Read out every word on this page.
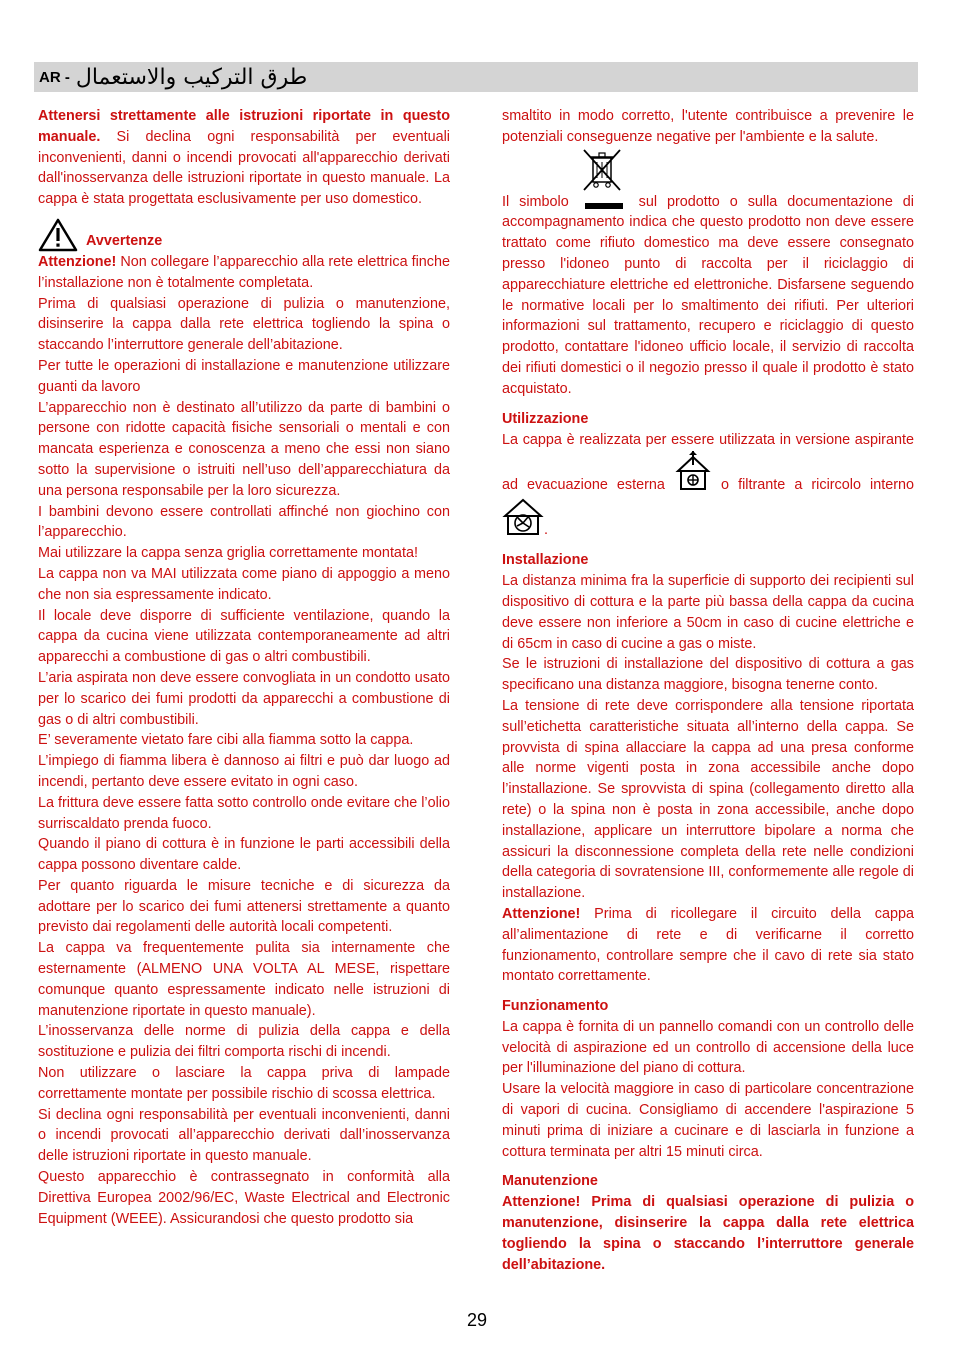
AR - طرق التركيب والاستعمال

Attenersi strettamente alle istruzioni riportate in questo manuale. Si declina ogni responsabilità per eventuali inconvenienti, danni o incendi provocati all'apparecchio derivati dall'inosservanza delle istruzioni riportate in questo manuale. La cappa è stata progettata esclusivamente per uso domestico.

Avvertenze

Attenzione! Non collegare l’apparecchio alla rete elettrica finche l’installazione non è totalmente completata.

Prima di qualsiasi operazione di pulizia o manutenzione, disinserire la cappa dalla rete elettrica togliendo la spina o staccando l’interruttore generale dell’abitazione.

Per tutte le operazioni di installazione e manutenzione utilizzare guanti da lavoro

L’apparecchio non è destinato all’utilizzo da parte di bambini o persone con ridotte capacità fisiche sensoriali o mentali e con mancata esperienza e conoscenza a meno che essi non siano sotto la supervisione o istruiti nell’uso dell’apparecchiatura da una persona responsabile per la loro sicurezza.

I bambini devono essere controllati affinché non giochino con l’apparecchio.

Mai utilizzare la cappa senza griglia correttamente montata!

La cappa non va MAI utilizzata come piano di appoggio a meno che non sia espressamente indicato.

Il locale deve disporre di sufficiente ventilazione, quando la cappa da cucina viene utilizzata contemporaneamente ad altri apparecchi a combustione di gas o altri combustibili.

L’aria aspirata non deve essere convogliata in un condotto usato per lo scarico dei fumi prodotti da apparecchi a combustione di gas o di altri combustibili.

E’ severamente vietato fare cibi alla fiamma sotto la cappa.

L’impiego di fiamma libera è dannoso ai filtri e può dar luogo ad incendi, pertanto deve essere evitato in ogni caso.

La frittura deve essere fatta sotto controllo onde evitare che l’olio surriscaldato prenda fuoco.

Quando il piano di cottura è in funzione le parti accessibili della cappa possono diventare calde.

Per quanto riguarda le misure tecniche e di sicurezza da adottare per lo scarico dei fumi attenersi strettamente a quanto previsto dai regolamenti delle autorità locali competenti.

La cappa va frequentemente pulita sia internamente che esternamente (ALMENO UNA VOLTA AL MESE, rispettare comunque quanto espressamente indicato nelle istruzioni di manutenzione riportate in questo manuale).

L’inosservanza delle norme di pulizia della cappa e della sostituzione e pulizia dei filtri comporta rischi di incendi.

Non utilizzare o lasciare la cappa priva di lampade correttamente montate per possibile rischio di scossa elettrica.

Si declina ogni responsabilità per eventuali inconvenienti, danni o incendi provocati all’apparecchio derivati dall’inosservanza delle istruzioni riportate in questo manuale.

Questo apparecchio è contrassegnato in conformità alla Direttiva Europea 2002/96/EC, Waste Electrical and Electronic Equipment (WEEE). Assicurandosi che questo prodotto sia

smaltito in modo corretto, l'utente contribuisce a prevenire le potenziali conseguenze negative per l'ambiente e la salute.

Il simbolo	sul prodotto o sulla documentazione di accompagnamento indica che questo prodotto non deve essere trattato come rifiuto domestico ma deve essere consegnato presso l'idoneo punto di raccolta per il riciclaggio di apparecchiature elettriche ed elettroniche. Disfarsene seguendo le normative locali per lo smaltimento dei rifiuti. Per ulteriori informazioni sul trattamento, recupero e riciclaggio di questo prodotto, contattare l'idoneo ufficio locale, il servizio di raccolta dei rifiuti domestici o il negozio presso il quale il prodotto è stato acquistato.

Utilizzazione

La cappa è realizzata per essere utilizzata in versione aspirante ad evacuazione esterna	o filtrante a ricircolo interno .

Installazione

La distanza minima fra la superficie di supporto dei recipienti sul dispositivo di cottura e la parte più bassa della cappa da cucina deve essere non inferiore a 50cm in caso di cucine elettriche e di 65cm in caso di cucine a gas o miste.

Se le istruzioni di installazione del dispositivo di cottura a gas specificano una distanza maggiore, bisogna tenerne conto.

La tensione di rete deve corrispondere alla tensione riportata sull’etichetta caratteristiche situata all’interno della cappa. Se provvista di spina allacciare la cappa ad una presa conforme alle norme vigenti posta in zona accessibile anche dopo l’installazione. Se sprovvista di spina (collegamento diretto alla rete) o la spina non è posta in zona accessibile, anche dopo installazione, applicare un interruttore bipolare a norma che assicuri la disconnessione completa della rete nelle condizioni della categoria di sovratensione III, conformemente alle regole di installazione.

Attenzione! Prima di ricollegare il circuito della cappa all’alimentazione di rete e di verificarne il corretto funzionamento, controllare sempre che il cavo di rete sia stato montato correttamente.

Funzionamento

La cappa è fornita di un pannello comandi con un controllo delle velocità di aspirazione ed un controllo di accensione della luce per l'illuminazione del piano di cottura.

Usare la velocità maggiore in caso di particolare concentrazione di vapori di cucina. Consigliamo di accendere l'aspirazione 5 minuti prima di iniziare a cucinare e di lasciarla in funzione a cottura terminata per altri 15 minuti circa.

Manutenzione

Attenzione! Prima di qualsiasi operazione di pulizia o manutenzione, disinserire la cappa dalla rete elettrica togliendo la spina o staccando l’interruttore generale dell’abitazione.

29
